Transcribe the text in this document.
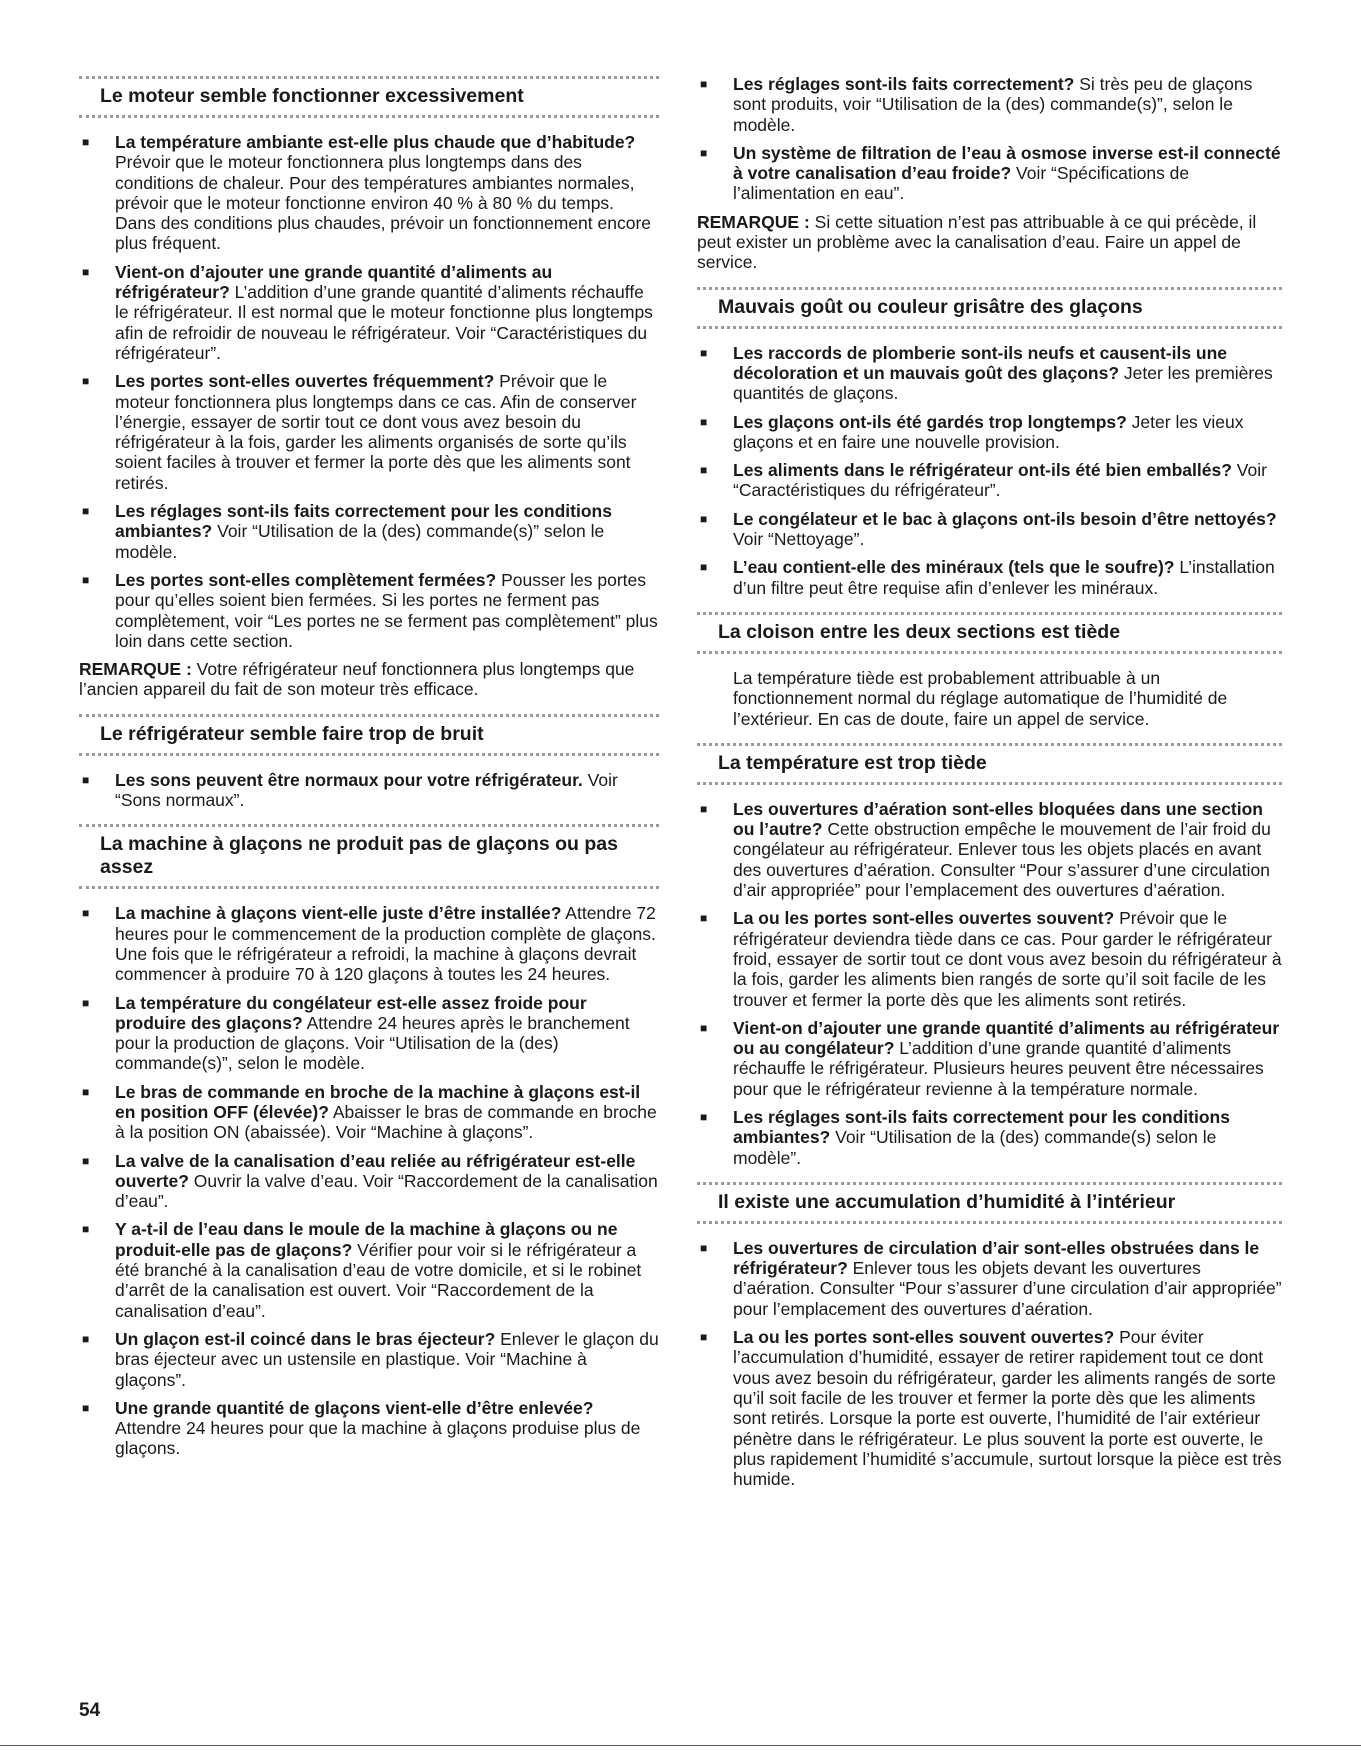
Le moteur semble fonctionner excessivement
■ La température ambiante est-elle plus chaude que d’habitude? Prévoir que le moteur fonctionnera plus longtemps dans des conditions de chaleur. Pour des températures ambiantes normales, prévoir que le moteur fonctionne environ 40 % à 80 % du temps. Dans des conditions plus chaudes, prévoir un fonctionnement encore plus fréquent.
■ Vient-on d’ajouter une grande quantité d’aliments au réfrigérateur? L’addition d’une grande quantité d’aliments réchauffe le réfrigérateur. Il est normal que le moteur fonctionne plus longtemps afin de refroidir de nouveau le réfrigérateur. Voir “Caractéristiques du réfrigérateur”.
■ Les portes sont-elles ouvertes fréquemment? Prévoir que le moteur fonctionnera plus longtemps dans ce cas. Afin de conserver l’énergie, essayer de sortir tout ce dont vous avez besoin du réfrigérateur à la fois, garder les aliments organisés de sorte qu’ils soient faciles à trouver et fermer la porte dès que les aliments sont retirés.
■ Les réglages sont-ils faits correctement pour les conditions ambiantes? Voir “Utilisation de la (des) commande(s)” selon le modèle.
■ Les portes sont-elles complètement fermées? Pousser les portes pour qu’elles soient bien fermées. Si les portes ne ferment pas complètement, voir “Les portes ne se ferment pas complètement” plus loin dans cette section.

REMARQUE : Votre réfrigérateur neuf fonctionnera plus longtemps que l’ancien appareil du fait de son moteur très efficace.

Le réfrigérateur semble faire trop de bruit
■ Les sons peuvent être normaux pour votre réfrigérateur. Voir “Sons normaux”.
La machine à glaçons ne produit pas de glaçons ou pas assez
■ La machine à glaçons vient-elle juste d’être installée? Attendre 72 heures pour le commencement de la production complète de glaçons. Une fois que le réfrigérateur a refroidi, la machine à glaçons devrait commencer à produire 70 à 120 glaçons à toutes les 24 heures.
■ La température du congélateur est-elle assez froide pour produire des glaçons? Attendre 24 heures après le branchement pour la production de glaçons. Voir “Utilisation de la (des) commande(s)”, selon le modèle.
■ Le bras de commande en broche de la machine à glaçons est-il en position OFF (élevée)? Abaisser le bras de commande en broche à la position ON (abaissée). Voir “Machine à glaçons”.
■ La valve de la canalisation d’eau reliée au réfrigérateur est-elle ouverte? Ouvrir la valve d’eau. Voir “Raccordement de la canalisation d’eau”.
■ Y a-t-il de l’eau dans le moule de la machine à glaçons ou ne produit-elle pas de glaçons? Vérifier pour voir si le réfrigérateur a été branché à la canalisation d’eau de votre domicile, et si le robinet d’arrêt de la canalisation est ouvert. Voir “Raccordement de la canalisation d’eau”.
■ Un glaçon est-il coincé dans le bras éjecteur? Enlever le glaçon du bras éjecteur avec un ustensile en plastique. Voir “Machine à glaçons”.
■ Une grande quantité de glaçons vient-elle d’être enlevée? Attendre 24 heures pour que la machine à glaçons produise plus de glaçons.
■ Les réglages sont-ils faits correctement? Si très peu de glaçons sont produits, voir “Utilisation de la (des) commande(s)”, selon le modèle.
■ Un système de filtration de l’eau à osmose inverse est-il connecté à votre canalisation d’eau froide? Voir “Spécifications de l’alimentation en eau”.

REMARQUE : Si cette situation n’est pas attribuable à ce qui précède, il peut exister un problème avec la canalisation d’eau. Faire un appel de service.

Mauvais goût ou couleur grisâtre des glaçons
■ Les raccords de plomberie sont-ils neufs et causent-ils une décoloration et un mauvais goût des glaçons? Jeter les premières quantités de glaçons.
■ Les glaçons ont-ils été gardés trop longtemps? Jeter les vieux glaçons et en faire une nouvelle provision.
■ Les aliments dans le réfrigérateur ont-ils été bien emballés? Voir “Caractéristiques du réfrigérateur”.
■ Le congélateur et le bac à glaçons ont-ils besoin d’être nettoyés? Voir “Nettoyage”.
■ L’eau contient-elle des minéraux (tels que le soufre)? L’installation d’un filtre peut être requise afin d’enlever les minéraux.
La cloison entre les deux sections est tiède

La température tiède est probablement attribuable à un fonctionnement normal du réglage automatique de l’humidité de l’extérieur. En cas de doute, faire un appel de service.

La température est trop tiède
■ Les ouvertures d’aération sont-elles bloquées dans une section ou l’autre? Cette obstruction empêche le mouvement de l’air froid du congélateur au réfrigérateur. Enlever tous les objets placés en avant des ouvertures d’aération. Consulter “Pour s’assurer d’une circulation d’air appropriée” pour l’emplacement des ouvertures d’aération.
■ La ou les portes sont-elles ouvertes souvent? Prévoir que le réfrigérateur deviendra tiède dans ce cas. Pour garder le réfrigérateur froid, essayer de sortir tout ce dont vous avez besoin du réfrigérateur à la fois, garder les aliments bien rangés de sorte qu’il soit facile de les trouver et fermer la porte dès que les aliments sont retirés.
■ Vient-on d’ajouter une grande quantité d’aliments au réfrigérateur ou au congélateur? L’addition d’une grande quantité d’aliments réchauffe le réfrigérateur. Plusieurs heures peuvent être nécessaires pour que le réfrigérateur revienne à la température normale.
■ Les réglages sont-ils faits correctement pour les conditions ambiantes? Voir “Utilisation de la (des) commande(s) selon le modèle”.
Il existe une accumulation d’humidité à l’intérieur
■ Les ouvertures de circulation d’air sont-elles obstruées dans le réfrigérateur? Enlever tous les objets devant les ouvertures d’aération. Consulter “Pour s’assurer d’une circulation d’air appropriée” pour l’emplacement des ouvertures d’aération.
■ La ou les portes sont-elles souvent ouvertes? Pour éviter l’accumulation d’humidité, essayer de retirer rapidement tout ce dont vous avez besoin du réfrigérateur, garder les aliments rangés de sorte qu’il soit facile de les trouver et fermer la porte dès que les aliments sont retirés. Lorsque la porte est ouverte, l’humidité de l’air extérieur pénètre dans le réfrigérateur. Le plus souvent la porte est ouverte, le plus rapidement l’humidité s’accumule, surtout lorsque la pièce est très humide.
54
